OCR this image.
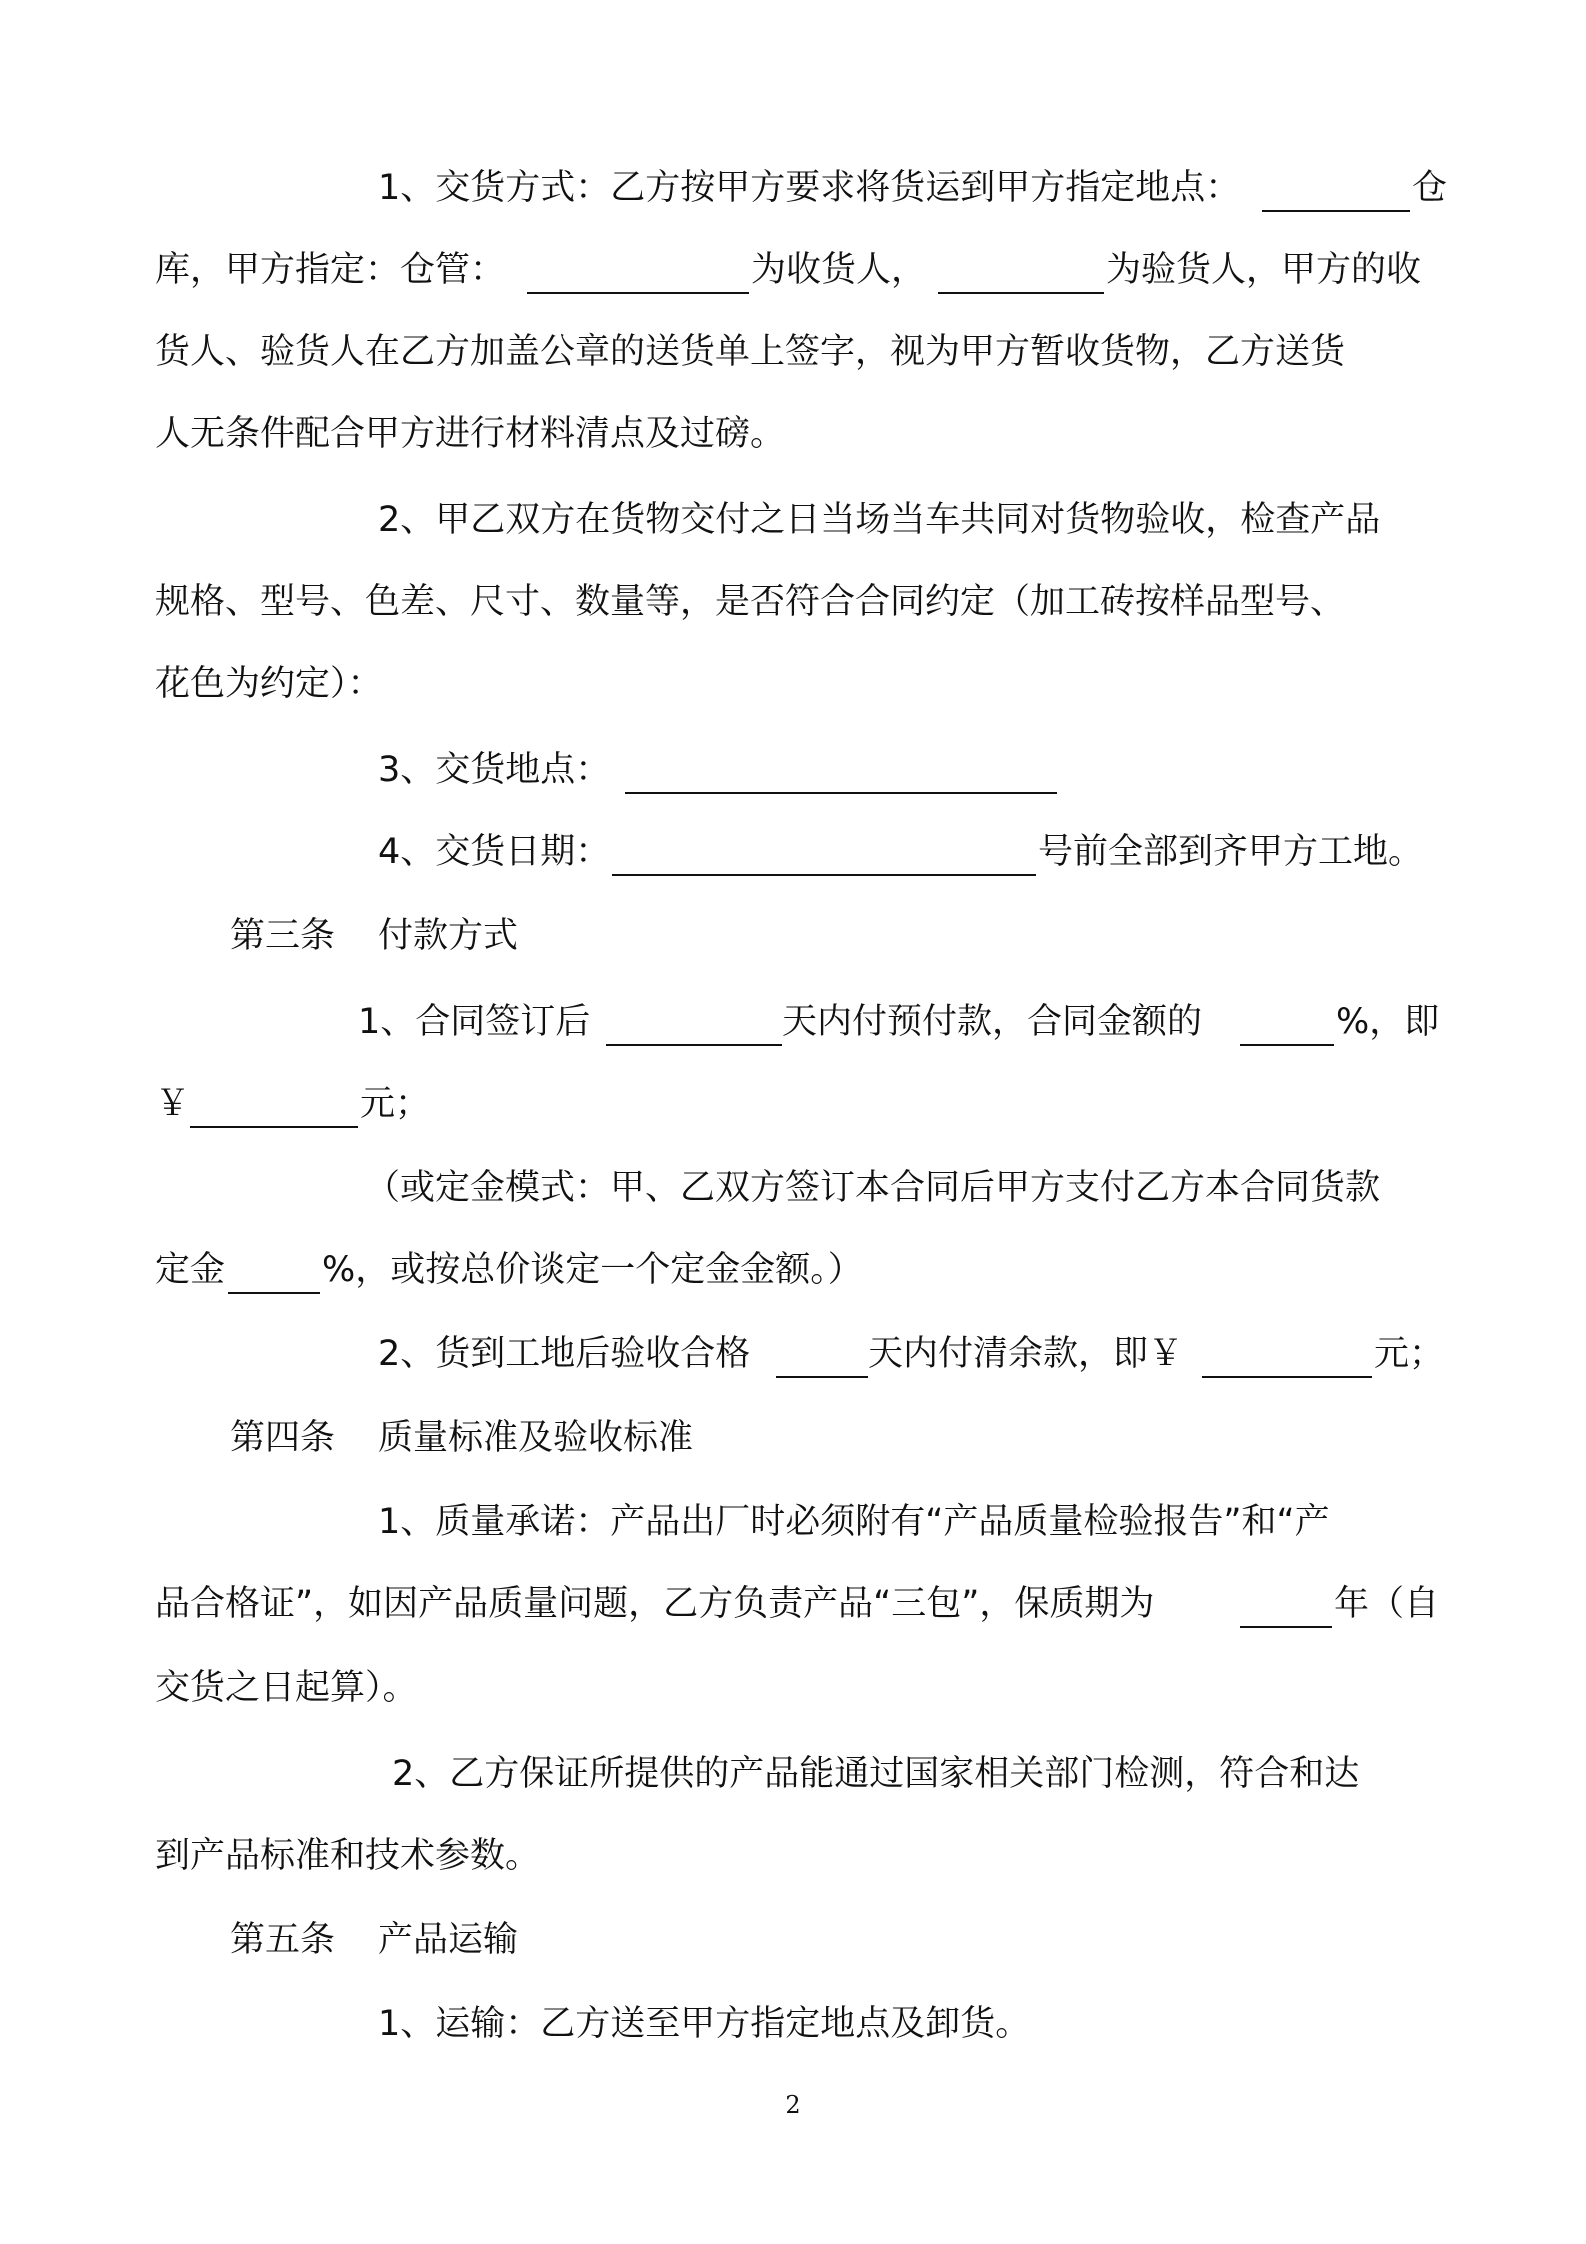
1、交货方式：乙方按甲方要求将货运到甲方指定地点：	仓
库，甲方指定：仓管：	为收货人，	为验货人，甲方的收
货人、验货人在乙方加盖公章的送货单上签字，视为甲方暂收货物，乙方送货
人无条件配合甲方进行材料清点及过磅。
2、甲乙双方在货物交付之日当场当车共同对货物验收，检查产品
规格、型号、色差、尺寸、数量等，是否符合合同约定（加工砖按样品型号、
花色为约定）：
3、交货地点：
4、交货日期：	号前全部到齐甲方工地。
第三条 付款方式
1、合同签订后	天内付预付款，合同金额的	%，即
￥	元；
（或定金模式：甲、乙双方签订本合同后甲方支付乙方本合同货款
定金	%，或按总价谈定一个定金金额。）
2、货到工地后验收合格	天内付清余款，即￥	元；
第四条 质量标准及验收标准
1、质量承诺：产品出厂时必须附有“产品质量检验报告”和“产
品合格证”，如因产品质量问题，乙方负责产品“三包”，保质期为	年（自
交货之日起算）。
2、乙方保证所提供的产品能通过国家相关部门检测，符合和达
到产品标准和技术参数。
第五条 产品运输
1、运输：乙方送至甲方指定地点及卸货。
2
